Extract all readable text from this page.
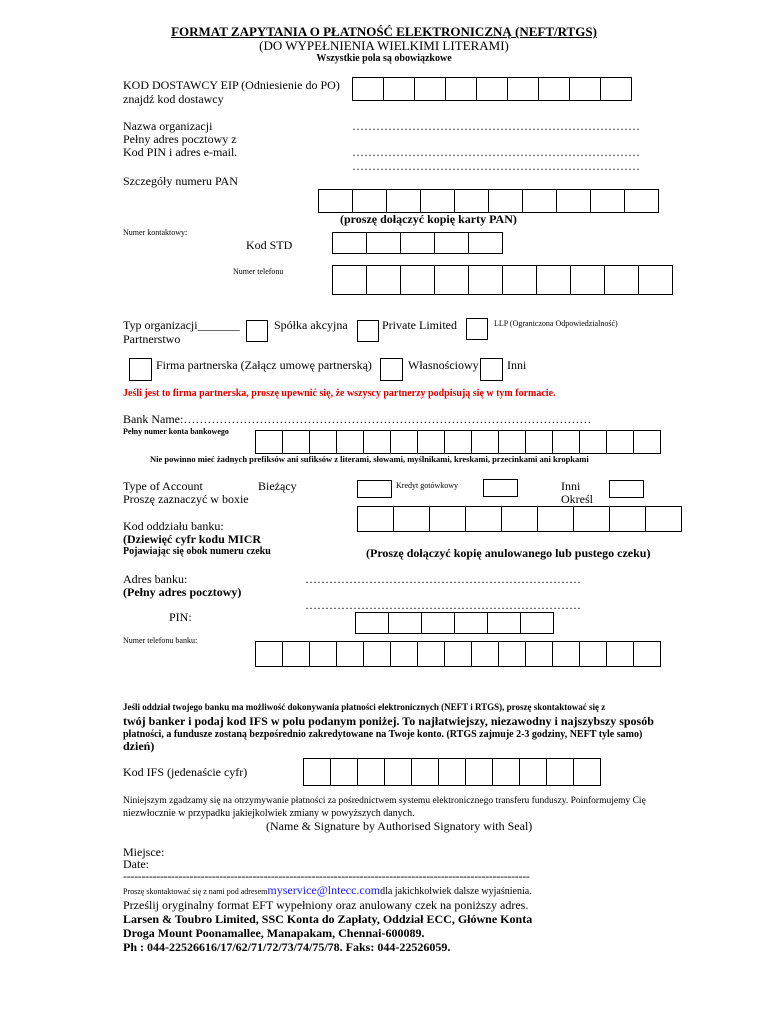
FORMAT ZAPYTANIA O PŁATNOŚĆ ELEKTRONICZNĄ (NEFT/RTGS)
(DO WYPEŁNIENIA WIELKIMI LITERAMI)
Wszystkie pola są obowiązkowe
KOD DOSTAWCY EIP (Odniesienie do PO)
znajdź kod dostawcy
Nazwa organizacji
Pełny adres pocztowy z
Kod PIN i adres e-mail.
………………………………………………………………
………………………………………………………………
………………………………………………………………
Szczegóły numeru PAN
(proszę dołączyć kopię karty PAN)
Numer kontaktowy:
Kod STD
Numer telefonu
Typ organizacji_______
Partnerstwo
Spółka akcyjna	Private Limited	LLP (Ograniczona Odpowiedzialność)
Firma partnerska (Załącz umowę partnerską)	Własnościowy Inni
Jeśli jest to firma partnerska, proszę upewnić się, że wszyscy partnerzy podpisują się w tym formacie.
Bank Name:…………………………………………………………………………………………
Pełny numer konta bankowego
Nie powinno mieć żadnych prefiksów ani sufiksów z literami, słowami, myślnikami, kreskami, przecinkami ani kropkami
Type of Account
Proszę zaznaczyć w boxie
Bieżący	Kredyt gotówkowy	Inni
Określ
Kod oddziału banku:
(Dziewięć cyfr kodu MICR
Pojawiając się obok numeru czeku	(Proszę dołączyć kopię anulowanego lub pustego czeku)
Adres banku:
(Pełny adres pocztowy)
……………………………………………………………
……………………………………………………………
PIN:
Numer telefonu banku:
Jeśli oddział twojego banku ma możliwość dokonywania płatności elektronicznych (NEFT i RTGS), proszę skontaktować się z
twój banker i podaj kod IFS w polu podanym poniżej. To najłatwiejszy, niezawodny i najszybszy sposób
płatności, a fundusze zostaną bezpośrednio zakredytowane na Twoje konto. (RTGS zajmuje 2-3 godziny, NEFT tyle samo)
dzień)
Kod IFS (jedenaście cyfr)
Niniejszym zgadzamy się na otrzymywanie płatności za pośrednictwem systemu elektronicznego transferu funduszy. Poinformujemy Cię
niezwłocznie w przypadku jakiejkolwiek zmiany w powyższych danych.
(Name & Signature by Authorised Signatory with Seal)
Miejsce:
Date:
--------------------------------------------------------------------------------------------------------------
Proszę skontaktować się z nami pod adresemmyservice@lntecc.comdla jakichkolwiek dalsze wyjaśnienia.
Prześlij oryginalny format EFT wypełniony oraz anulowany czek na poniższy adres.
Larsen & Toubro Limited, SSC Konta do Zapłaty, Oddział ECC, Główne Konta
Droga Mount Poonamallee, Manapakam, Chennai-600089.
Ph : 044-22526616/17/62/71/72/73/74/75/78. Faks: 044-22526059.
